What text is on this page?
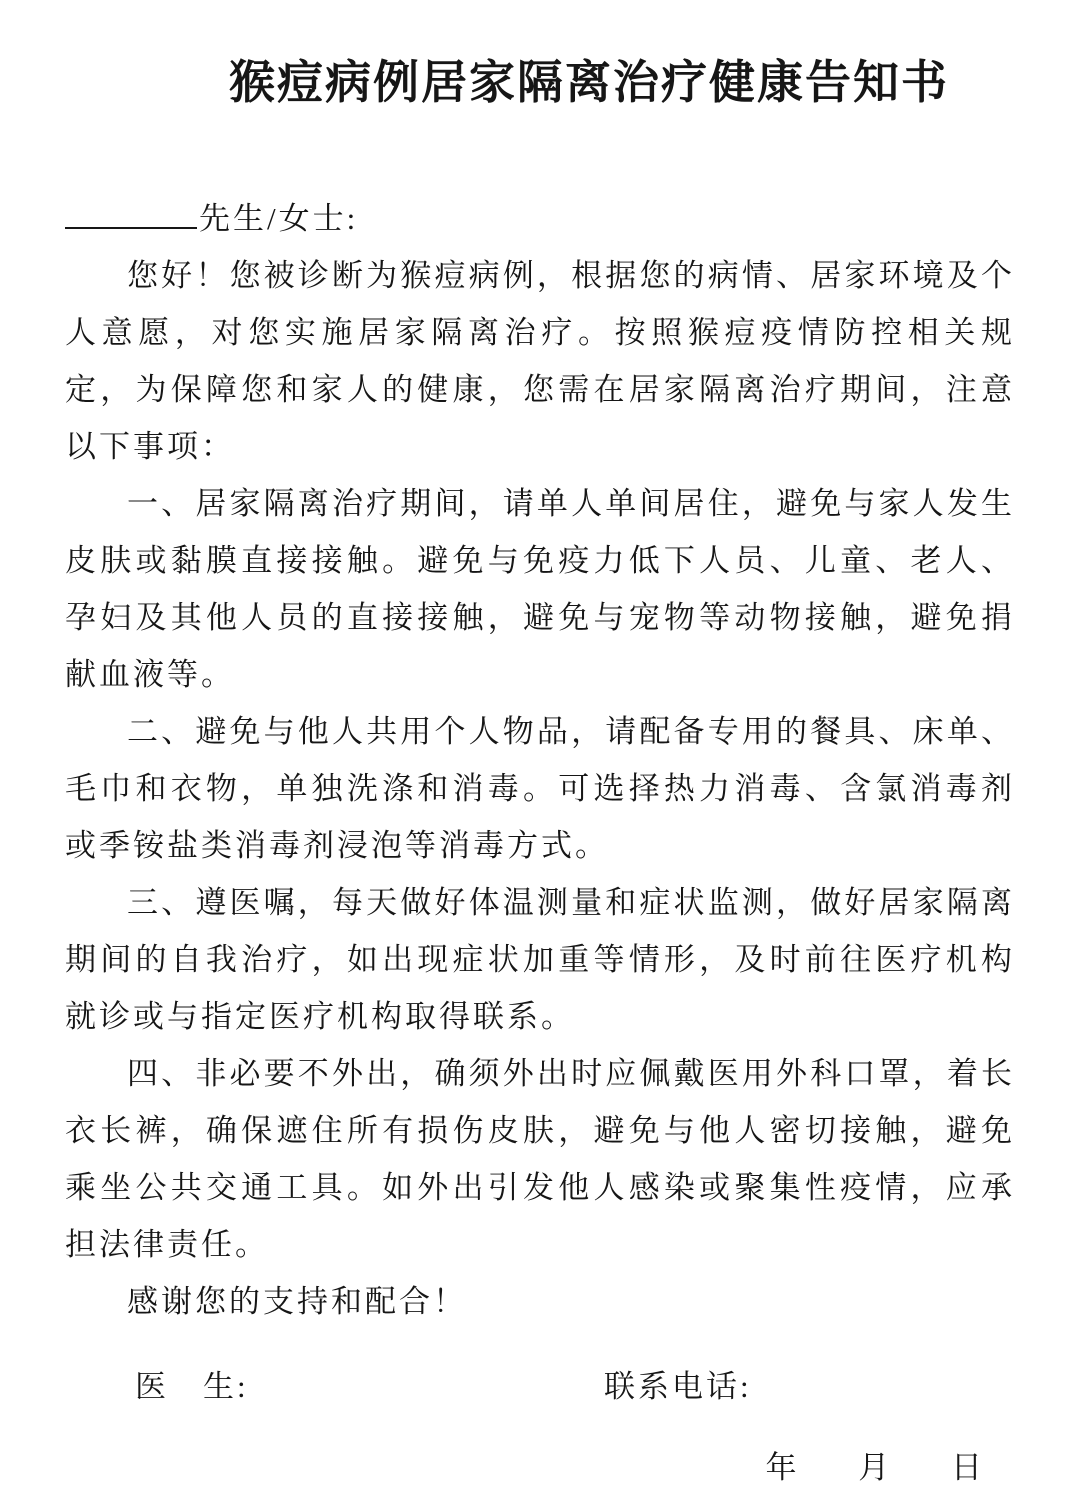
猴痘病例居家隔离治疗健康告知书
先生/女士:

您好！您被诊断为猴痘病例，根据您的病情、居家环境及个人意愿，对您实施居家隔离治疗。按照猴痘疫情防控相关规定，为保障您和家人的健康，您需在居家隔离治疗期间，注意以下事项：

一、居家隔离治疗期间，请单人单间居住，避免与家人发生皮肤或黏膜直接接触。避免与免疫力低下人员、儿童、老人、孕妇及其他人员的直接接触，避免与宠物等动物接触，避免捐献血液等。

二、避免与他人共用个人物品，请配备专用的餐具、床单、毛巾和衣物，单独洗涤和消毒。可选择热力消毒、含氯消毒剂或季铵盐类消毒剂浸泡等消毒方式。

三、遵医嘱，每天做好体温测量和症状监测，做好居家隔离期间的自我治疗，如出现症状加重等情形，及时前往医疗机构就诊或与指定医疗机构取得联系。

四、非必要不外出，确须外出时应佩戴医用外科口罩，着长衣长裤，确保遮住所有损伤皮肤，避免与他人密切接触，避免乘坐公共交通工具。如外出引发他人感染或聚集性疫情，应承担法律责任。

感谢您的支持和配合！

医　生:	联系电话:
年 月 日
